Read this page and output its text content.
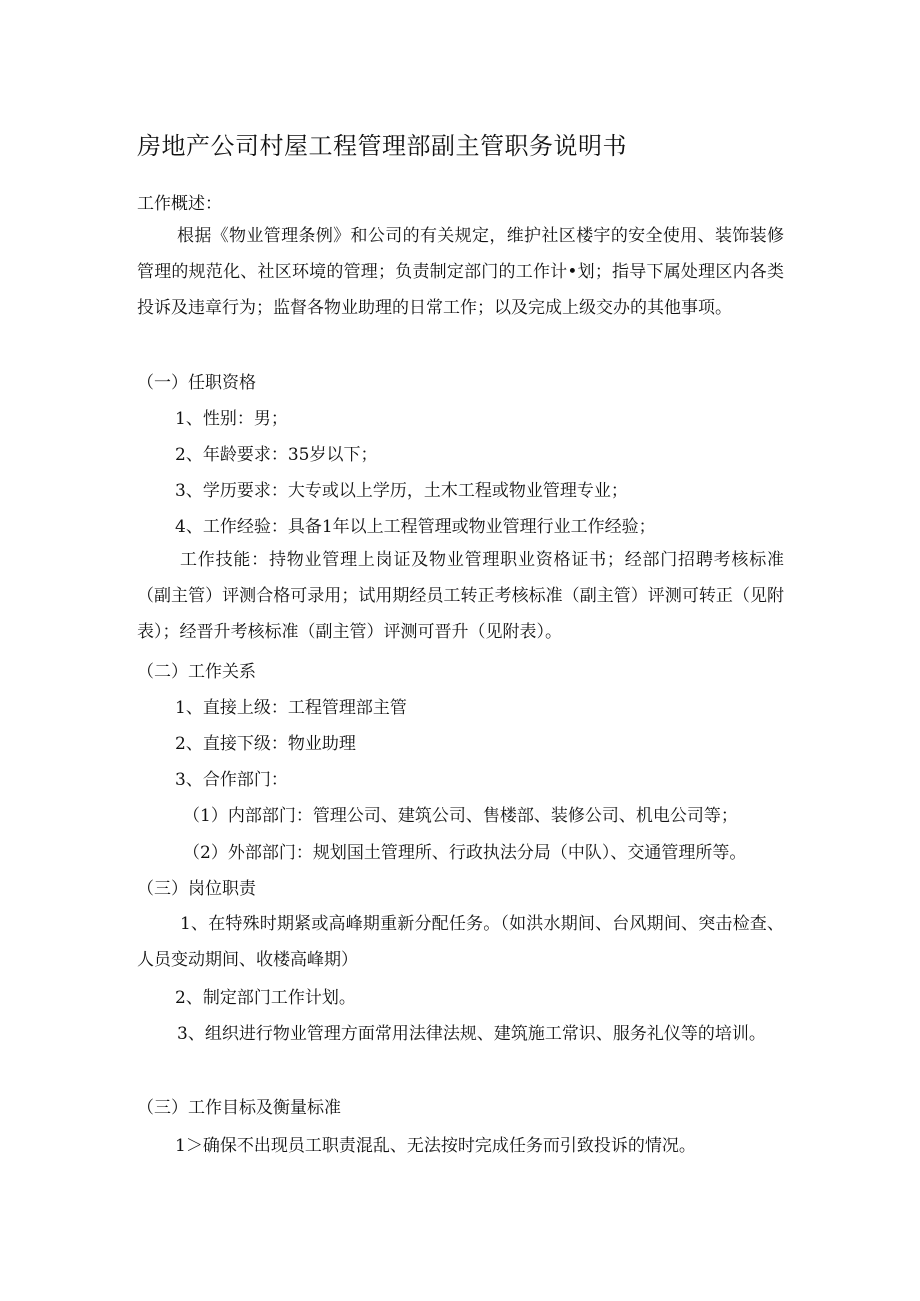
房地产公司村屋工程管理部副主管职务说明书
工作概述：
根据《物业管理条例》和公司的有关规定，维护社区楼宇的安全使用、装饰装修管理的规范化、社区环境的管理；负责制定部门的工作计•划；指导下属处理区内各类投诉及违章行为；监督各物业助理的日常工作；以及完成上级交办的其他事项。
（一）任职资格
1、性别：男；
2、年龄要求：35岁以下；
3、学历要求：大专或以上学历，土木工程或物业管理专业；
4、工作经验：具备1年以上工程管理或物业管理行业工作经验；
工作技能：持物业管理上岗证及物业管理职业资格证书；经部门招聘考核标准（副主管）评测合格可录用；试用期经员工转正考核标准（副主管）评测可转正（见附表）；经晋升考核标准（副主管）评测可晋升（见附表）。
（二）工作关系
1、直接上级：工程管理部主管
2、直接下级：物业助理
3、合作部门：
（1）内部部门：管理公司、建筑公司、售楼部、装修公司、机电公司等；
（2）外部部门：规划国土管理所、行政执法分局（中队）、交通管理所等。
（三）岗位职责
1、在特殊时期紧或高峰期重新分配任务。（如洪水期间、台风期间、突击检查、人员变动期间、收楼高峰期）
2、制定部门工作计划。
3、组织进行物业管理方面常用法律法规、建筑施工常识、服务礼仪等的培训。
（三）工作目标及衡量标准
1＞确保不出现员工职责混乱、无法按时完成任务而引致投诉的情况。
